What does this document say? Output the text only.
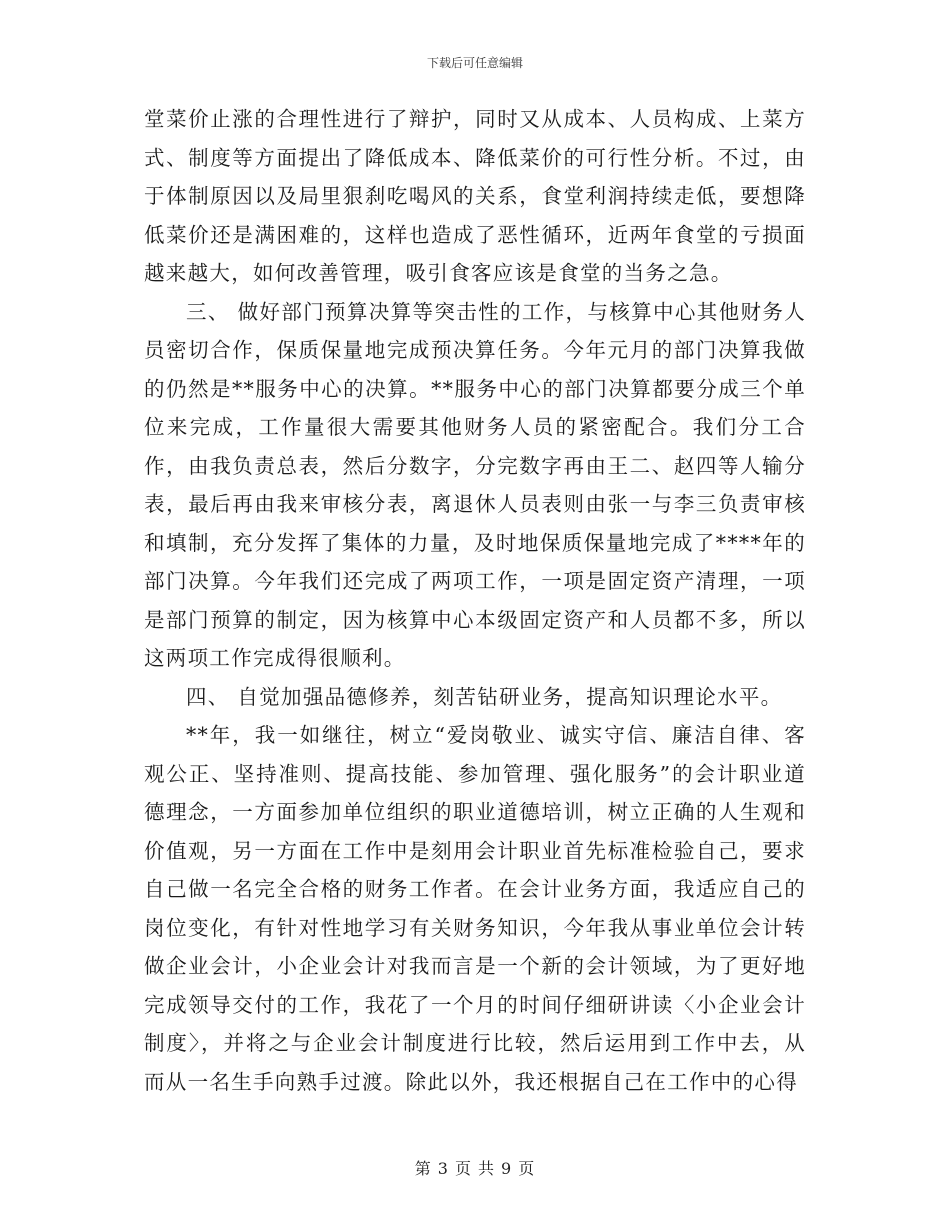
下载后可任意编辑

堂菜价止涨的合理性进行了辩护，同时又从成本、人员构成、上菜方式、制度等方面提出了降低成本、降低菜价的可行性分析。不过，由于体制原因以及局里狠刹吃喝风的关系，食堂利润持续走低，要想降低菜价还是满困难的，这样也造成了恶性循环，近两年食堂的亏损面越来越大，如何改善管理，吸引食客应该是食堂的当务之急。

三、 做好部门预算决算等突击性的工作，与核算中心其他财务人员密切合作，保质保量地完成预决算任务。今年元月的部门决算我做的仍然是**服务中心的决算。**服务中心的部门决算都要分成三个单位来完成，工作量很大需要其他财务人员的紧密配合。我们分工合作，由我负责总表，然后分数字，分完数字再由王二、赵四等人输分表，最后再由我来审核分表，离退休人员表则由张一与李三负责审核和填制，充分发挥了集体的力量，及时地保质保量地完成了****年的部门决算。今年我们还完成了两项工作，一项是固定资产清理，一项是部门预算的制定，因为核算中心本级固定资产和人员都不多，所以这两项工作完成得很顺利。

四、 自觉加强品德修养，刻苦钻研业务，提高知识理论水平。

**年，我一如继往，树立“爱岗敬业、诚实守信、廉洁自律、客观公正、坚持准则、提高技能、参加管理、强化服务”的会计职业道德理念，一方面参加单位组织的职业道德培训，树立正确的人生观和价值观，另一方面在工作中是刻用会计职业首先标准检验自己，要求自己做一名完全合格的财务工作者。在会计业务方面，我适应自己的岗位变化，有针对性地学习有关财务知识，今年我从事业单位会计转做企业会计，小企业会计对我而言是一个新的会计领域，为了更好地完成领导交付的工作，我花了一个月的时间仔细研讲读〈小企业会计制度〉，并将之与企业会计制度进行比较，然后运用到工作中去，从而从一名生手向熟手过渡。除此以外，我还根据自己在工作中的心得

第 3 页 共 9 页
